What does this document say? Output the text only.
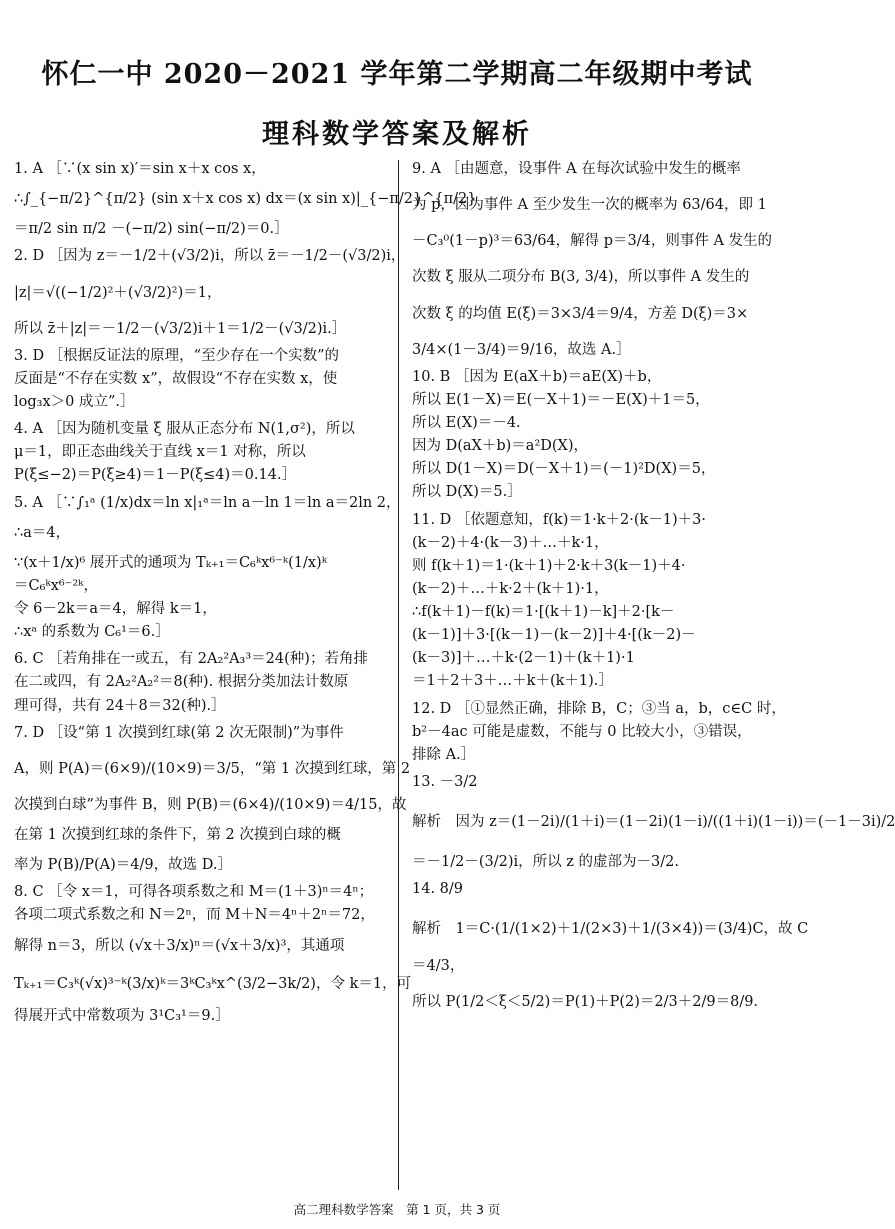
怀仁一中 2020－2021 学年第二学期高二年级期中考试
理科数学答案及解析
1. A ［∵(x sin x)′＝sin x＋x cos x，
∴∫_{−π/2}^{π/2} (sin x＋x cos x) dx＝(x sin x)|_{−π/2}^{π/2}
＝π/2 sin π/2 －(−π/2) sin(−π/2)＝0.］
2. D ［因为 z＝－1/2＋(√3/2)i，所以 z̄＝－1/2－(√3/2)i，
|z|＝√((−1/2)²＋(√3/2)²)＝1，
所以 z̄＋|z|＝－1/2－(√3/2)i＋1＝1/2－(√3/2)i.］
3. D ［根据反证法的原理，“至少存在一个实数”的
反面是“不存在实数 x”，故假设“不存在实数 x，使
log₃x＞0 成立”.］
4. A ［因为随机变量 ξ 服从正态分布 N(1,σ²)，所以
μ＝1，即正态曲线关于直线 x＝1 对称，所以
P(ξ≤−2)＝P(ξ≥4)＝1－P(ξ≤4)＝0.14.］
5. A ［∵∫₁ᵃ (1/x)dx＝ln x|₁ᵃ＝ln a－ln 1＝ln a＝2ln 2，
∴a＝4，
∵(x＋1/x)⁶ 展开式的通项为 Tₖ₊₁＝C₆ᵏx⁶⁻ᵏ(1/x)ᵏ
＝C₆ᵏx⁶⁻²ᵏ，
令 6－2k＝a＝4，解得 k＝1，
∴xᵃ 的系数为 C₆¹＝6.］
6. C ［若角排在一或五，有 2A₂²A₃³＝24(种)；若角排
在二或四，有 2A₂²A₂²＝8(种). 根据分类加法计数原
理可得，共有 24＋8＝32(种).］
7. D ［设“第 1 次摸到红球(第 2 次无限制)”为事件
A，则 P(A)＝(6×9)/(10×9)＝3/5，“第 1 次摸到红球，第 2
次摸到白球”为事件 B，则 P(B)＝(6×4)/(10×9)＝4/15，故
在第 1 次摸到红球的条件下，第 2 次摸到白球的概
率为 P(B)/P(A)＝4/9，故选 D.］
8. C ［令 x＝1，可得各项系数之和 M＝(1＋3)ⁿ＝4ⁿ；
各项二项式系数之和 N＝2ⁿ，而 M＋N＝4ⁿ＋2ⁿ＝72，
解得 n＝3，所以 (√x＋3/x)ⁿ＝(√x＋3/x)³，其通项
Tₖ₊₁＝C₃ᵏ(√x)³⁻ᵏ(3/x)ᵏ＝3ᵏC₃ᵏx^(3/2−3k/2)，令 k＝1，可
得展开式中常数项为 3¹C₃¹＝9.］
9. A ［由题意，设事件 A 在每次试验中发生的概率
为 p，因为事件 A 至少发生一次的概率为 63/64，即 1
－C₃⁰(1－p)³＝63/64，解得 p＝3/4，则事件 A 发生的
次数 ξ 服从二项分布 B(3, 3/4)，所以事件 A 发生的
次数 ξ 的均值 E(ξ)＝3×3/4＝9/4，方差 D(ξ)＝3×
3/4×(1－3/4)＝9/16，故选 A.］
10. B ［因为 E(aX＋b)＝aE(X)＋b，
所以 E(1－X)＝E(－X＋1)＝－E(X)＋1＝5，
所以 E(X)＝－4.
因为 D(aX＋b)＝a²D(X)，
所以 D(1－X)＝D(－X＋1)＝(－1)²D(X)＝5，
所以 D(X)＝5.］
11. D ［依题意知，f(k)＝1·k＋2·(k－1)＋3·
(k－2)＋4·(k－3)＋…＋k·1，
则 f(k＋1)＝1·(k＋1)＋2·k＋3(k－1)＋4·
(k－2)＋…＋k·2＋(k＋1)·1，
∴f(k＋1)－f(k)＝1·[(k＋1)－k]＋2·[k－
(k－1)]＋3·[(k－1)－(k－2)]＋4·[(k－2)－
(k－3)]＋…＋k·(2－1)＋(k＋1)·1
＝1＋2＋3＋…＋k＋(k＋1).］
12. D ［①显然正确，排除 B，C；③当 a，b，c∈C 时，
b²－4ac 可能是虚数，不能与 0 比较大小，③错误，
排除 A.］
13. －3/2
解析　因为 z＝(1－2i)/(1＋i)＝(1－2i)(1－i)/((1＋i)(1－i))＝(－1－3i)/2
＝－1/2－(3/2)i，所以 z 的虚部为－3/2.
14. 8/9
解析　1＝C·(1/(1×2)＋1/(2×3)＋1/(3×4))＝(3/4)C，故 C
＝4/3，
所以 P(1/2＜ξ＜5/2)＝P(1)＋P(2)＝2/3＋2/9＝8/9.
高二理科数学答案　第 1 页，共 3 页
